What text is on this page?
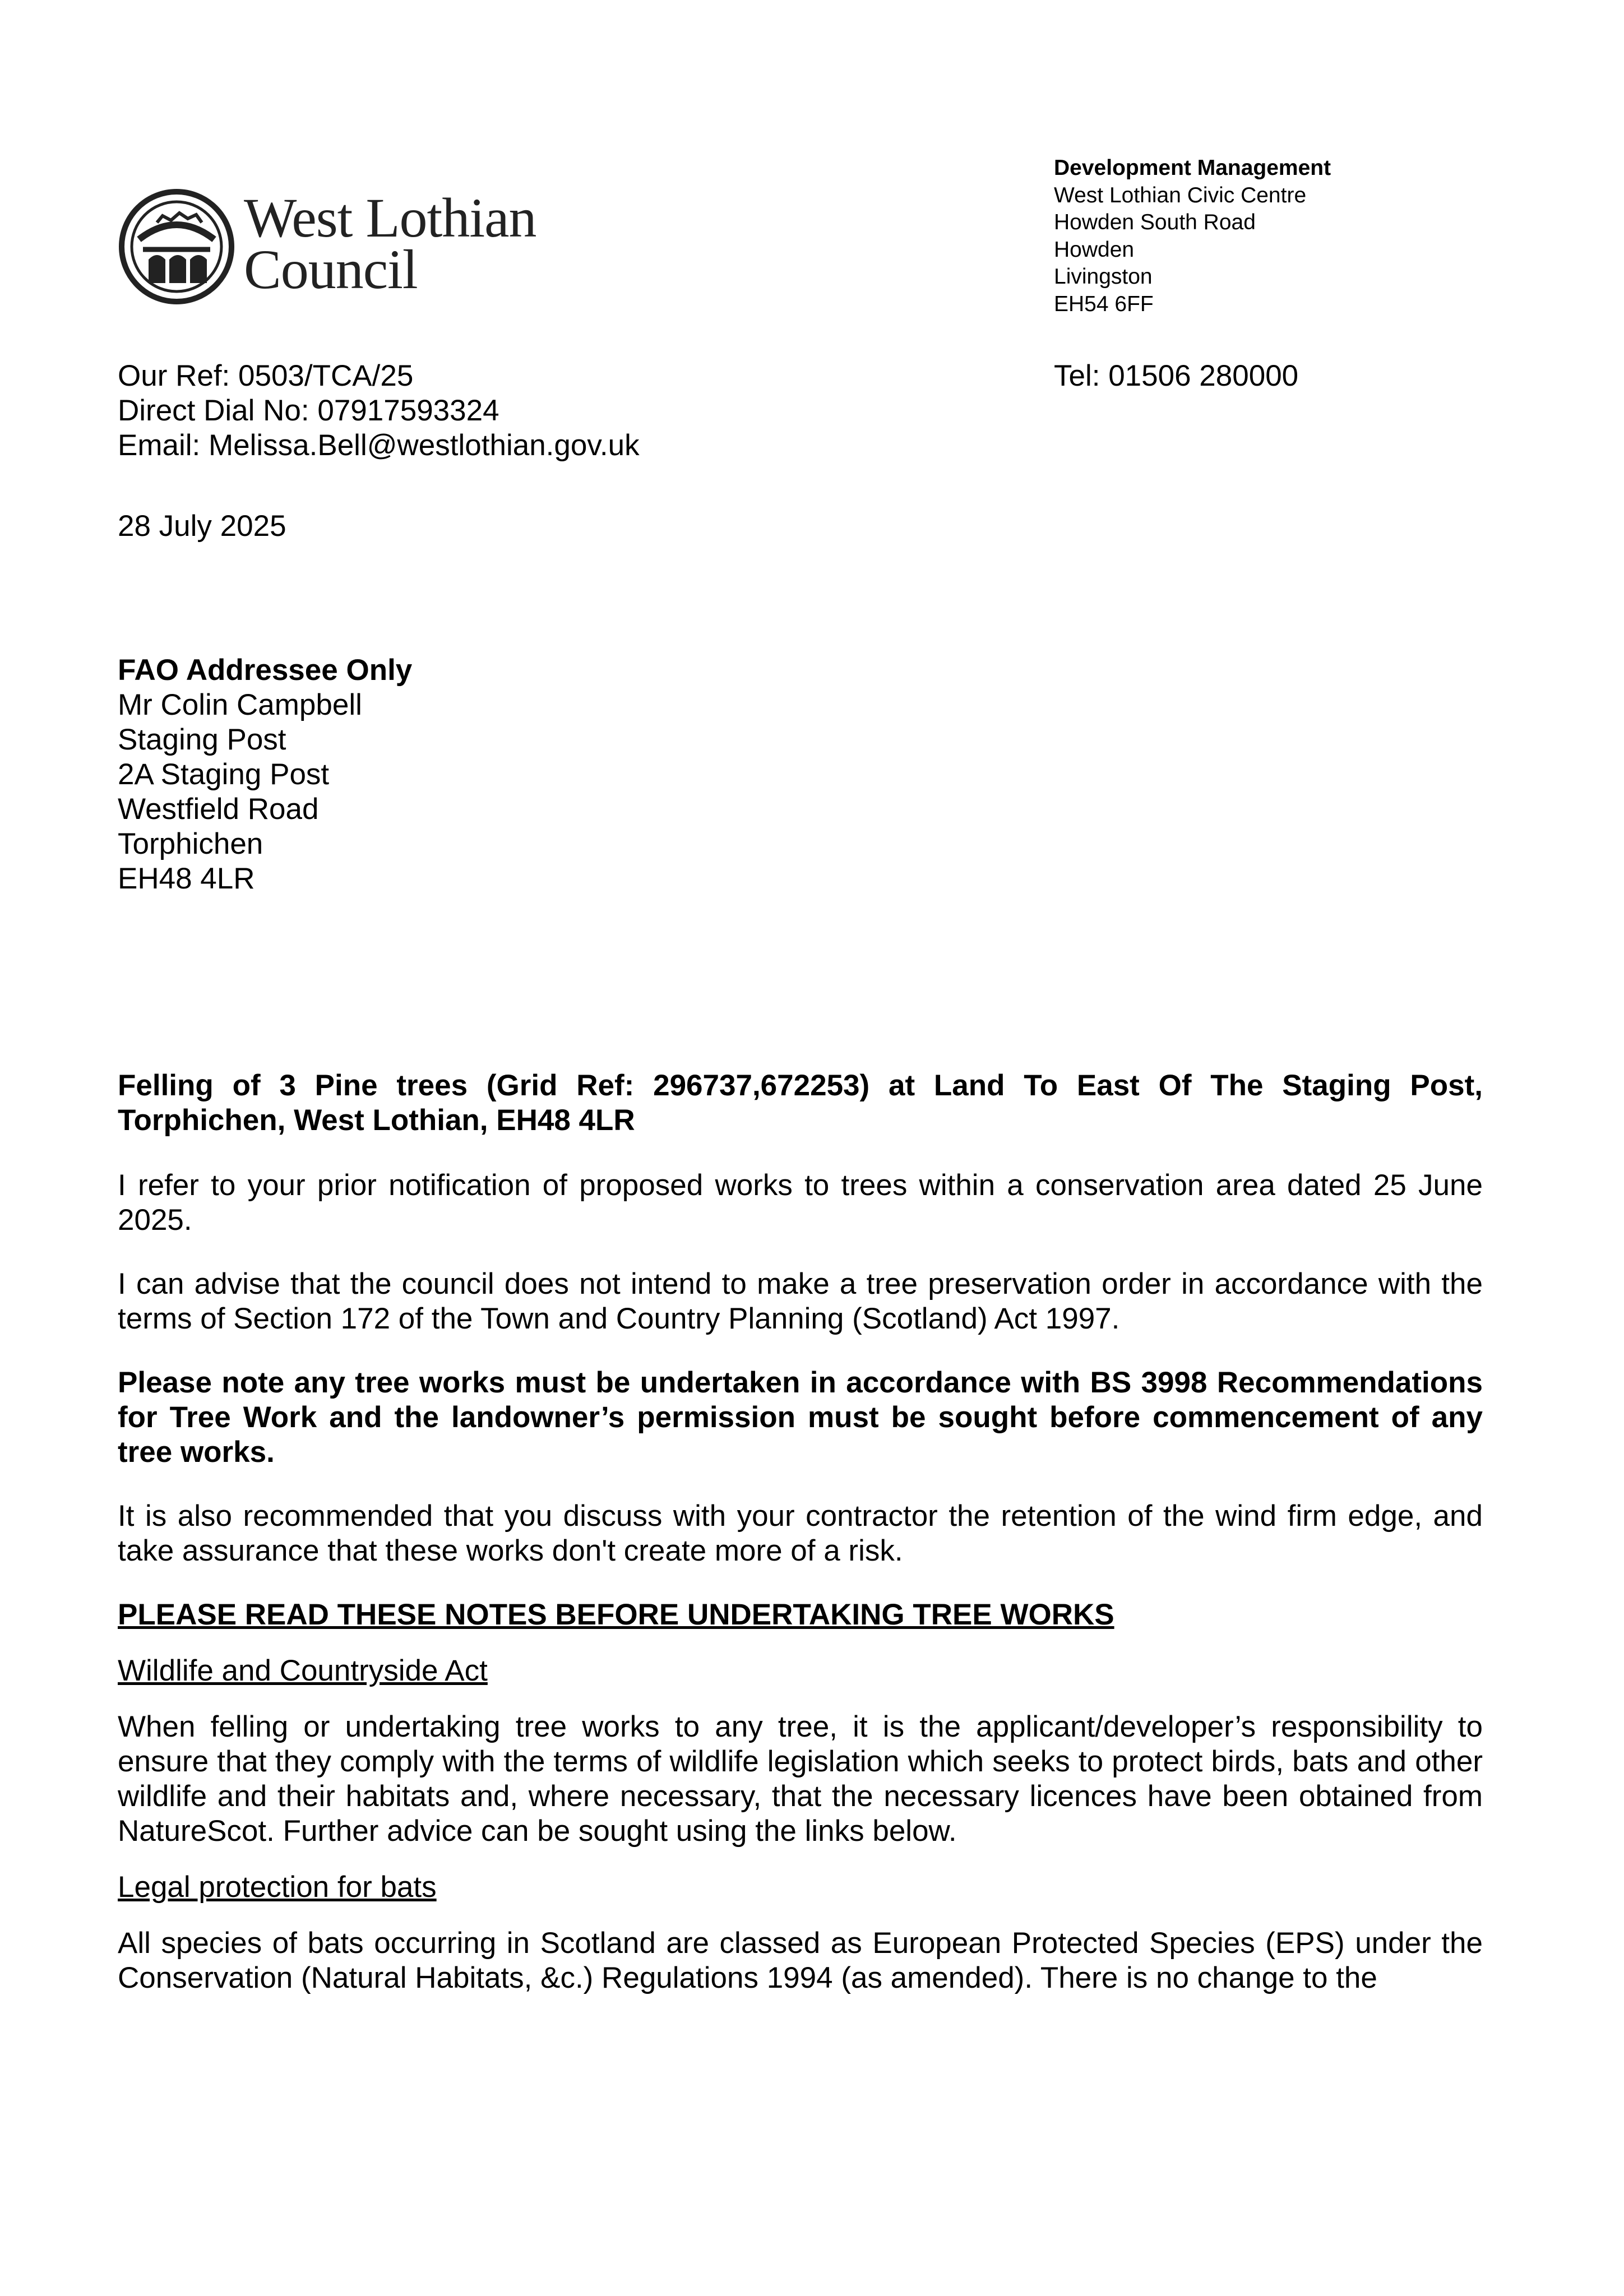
West Lothian
Council
Development Management
West Lothian Civic Centre
Howden South Road
Howden
Livingston
EH54 6FF
Tel: 01506 280000
Our Ref: 0503/TCA/25
Direct Dial No: 07917593324
Email: Melissa.Bell@westlothian.gov.uk
28 July 2025
FAO Addressee Only
Mr Colin Campbell
Staging Post
2A Staging Post
Westfield Road
Torphichen
EH48 4LR

Felling of 3 Pine trees (Grid Ref: 296737,672253) at Land To East Of The Staging Post, Torphichen, West Lothian, EH48 4LR

I refer to your prior notification of proposed works to trees within a conservation area dated 25 June 2025.

I can advise that the council does not intend to make a tree preservation order in accordance with the terms of Section 172 of the Town and Country Planning (Scotland) Act 1997.

Please note any tree works must be undertaken in accordance with BS 3998 Recommendations for Tree Work and the landowner’s permission must be sought before commencement of any tree works.

It is also recommended that you discuss with your contractor the retention of the wind firm edge, and take assurance that these works don't create more of a risk.

PLEASE READ THESE NOTES BEFORE UNDERTAKING TREE WORKS

Wildlife and Countryside Act

When felling or undertaking tree works to any tree, it is the applicant/developer’s responsibility to ensure that they comply with the terms of wildlife legislation which seeks to protect birds, bats and other wildlife and their habitats and, where necessary, that the necessary licences have been obtained from NatureScot. Further advice can be sought using the links below.

Legal protection for bats

All species of bats occurring in Scotland are classed as European Protected Species (EPS) under the Conservation (Natural Habitats, &c.) Regulations 1994 (as amended). There is no change to the
